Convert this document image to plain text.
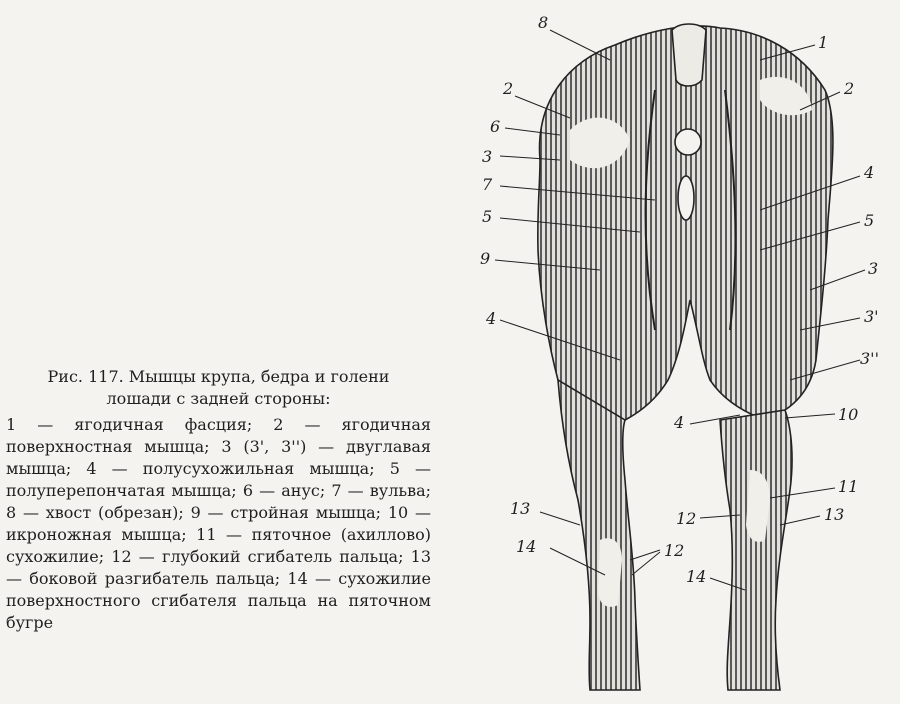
Рис. 117. Мышцы крупа, бедра и голени
лошади с задней стороны:

1 — ягодичная фасция; 2 — ягодичная поверхностная мышца; 3 (3', 3'') — двуглавая мышца; 4 — полусухожильная мышца; 5 — полуперепончатая мышца; 6 — анус; 7 — вульва; 8 — хвост (обрезан); 9 — стройная мышца; 10 — икроножная мышца; 11 — пяточное (ахиллово) сухожилие; 12 — глубокий сгибатель пальца; 13 — боковой разгибатель пальца; 14 — сухожилие поверхностного сгибателя пальца на пяточном бугре

8
1
2	2
6
3
7
5
9
4
4
5
3
3'
3''
10
4
11
12	13
13
14	12
14
